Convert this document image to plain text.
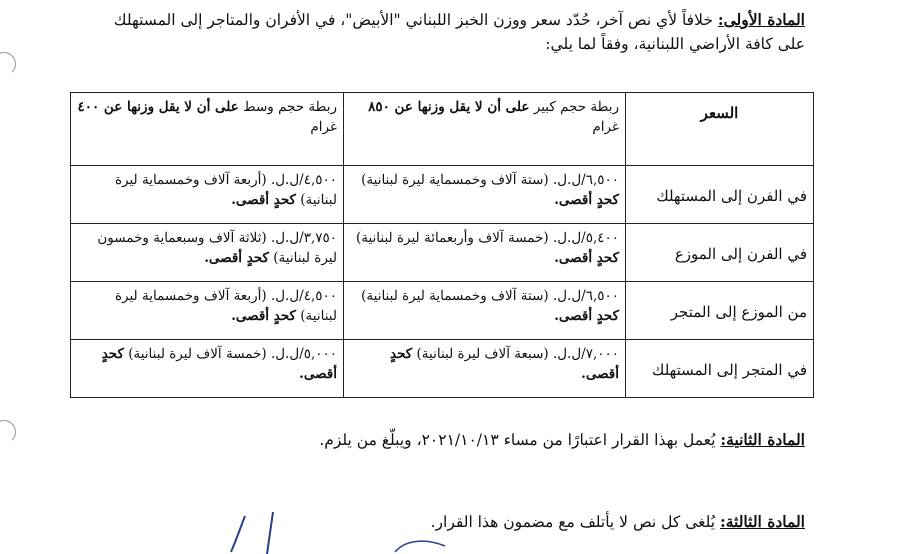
المادة الأولى: خلافاً لأي نص آخر، حُدّد سعر ووزن الخبز اللبناني "الأبيض"، في الأفران والمتاجر إلى المستهلك على كافة الأراضي اللبنانية، وفقاً لما يلي:

السعر	ربطة حجم كبير على أن لا يقل وزنها عن ٨٥٠ غرام	ربطة حجم وسط على أن لا يقل وزنها عن ٤٠٠ غرام
في الفرن إلى المستهلك	٦,٥٠٠/ل.ل. (ستة آلاف وخمسماية ليرة لبنانية) كحدٍ أقصى.	٤,٥٠٠/ل.ل. (أربعة آلاف وخمسماية ليرة لبنانية) كحدٍ أقصى.
في الفرن إلى الموزع	٥,٤٠٠/ل.ل. (خمسة آلاف وأربعمائة ليرة لبنانية) كحدٍ أقصى.	٣,٧٥٠/ل.ل. (ثلاثة آلاف وسبعماية وخمسون ليرة لبنانية) كحدٍ أقصى.
من الموزع إلى المتجر	٦,٥٠٠/ل.ل. (ستة آلاف وخمسماية ليرة لبنانية) كحدٍ أقصى.	٤,٥٠٠/ل.ل. (أربعة آلاف وخمسماية ليرة لبنانية) كحدٍ أقصى.
في المتجر إلى المستهلك	٧,٠٠٠/ل.ل. (سبعة آلاف ليرة لبنانية) كحدٍ أقصى.	٥,٠٠٠/ل.ل. (خمسة آلاف ليرة لبنانية) كحدٍ أقصى.

المادة الثانية: يُعمل بهذا القرار اعتبارًا من مساء ٢٠٢١/١٠/١٣، ويبلّغ من يلزم.

المادة الثالثة: يُلغى كل نص لا يأتلف مع مضمون هذا القرار.
